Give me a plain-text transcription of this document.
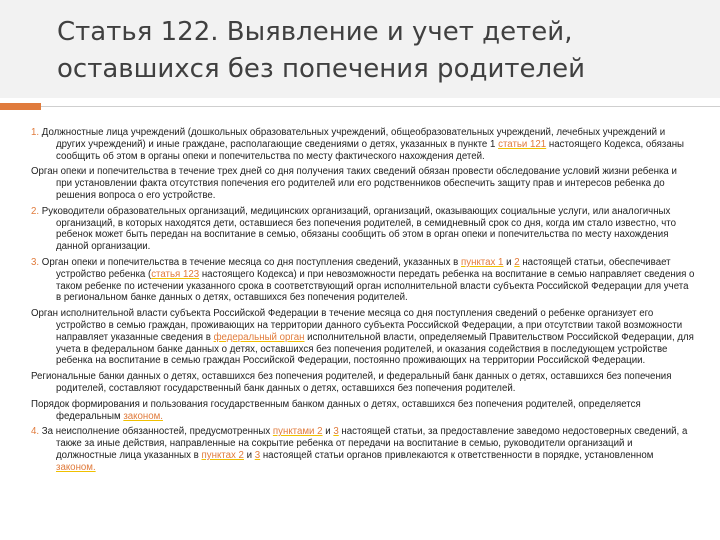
Статья 122. Выявление и учет детей,
оставшихся без попечения родителей

1. Должностные лица учреждений (дошкольных образовательных учреждений, общеобразовательных учреждений, лечебных учреждений и других учреждений) и иные граждане, располагающие сведениями о детях, указанных в пункте 1 статьи 121 настоящего Кодекса, обязаны сообщить об этом в органы опеки и попечительства по месту фактического нахождения детей.

Орган опеки и попечительства в течение трех дней со дня получения таких сведений обязан провести обследование условий жизни ребенка и при установлении факта отсутствия попечения его родителей или его родственников обеспечить защиту прав и интересов ребенка до решения вопроса о его устройстве.

2. Руководители образовательных организаций, медицинских организаций, организаций, оказывающих социальные услуги, или аналогичных организаций, в которых находятся дети, оставшиеся без попечения родителей, в семидневный срок со дня, когда им стало известно, что ребенок может быть передан на воспитание в семью, обязаны сообщить об этом в орган опеки и попечительства по месту нахождения данной организации.

3. Орган опеки и попечительства в течение месяца со дня поступления сведений, указанных в пунктах 1 и 2 настоящей статьи, обеспечивает устройство ребенка (статья 123 настоящего Кодекса) и при невозможности передать ребенка на воспитание в семью направляет сведения о таком ребенке по истечении указанного срока в соответствующий орган исполнительной власти субъекта Российской Федерации для учета в региональном банке данных о детях, оставшихся без попечения родителей.

Орган исполнительной власти субъекта Российской Федерации в течение месяца со дня поступления сведений о ребенке организует его устройство в семью граждан, проживающих на территории данного субъекта Российской Федерации, а при отсутствии такой возможности направляет указанные сведения в федеральный орган исполнительной власти, определяемый Правительством Российской Федерации, для учета в федеральном банке данных о детях, оставшихся без попечения родителей, и оказания содействия в последующем устройстве ребенка на воспитание в семью граждан Российской Федерации, постоянно проживающих на территории Российской Федерации.

Региональные банки данных о детях, оставшихся без попечения родителей, и федеральный банк данных о детях, оставшихся без попечения родителей, составляют государственный банк данных о детях, оставшихся без попечения родителей.

Порядок формирования и пользования государственным банком данных о детях, оставшихся без попечения родителей, определяется федеральным законом.

4. За неисполнение обязанностей, предусмотренных пунктами 2 и 3 настоящей статьи, за предоставление заведомо недостоверных сведений, а также за иные действия, направленные на сокрытие ребенка от передачи на воспитание в семью, руководители организаций и должностные лица указанных в пунктах 2 и 3 настоящей статьи органов привлекаются к ответственности в порядке, установленном законом.
